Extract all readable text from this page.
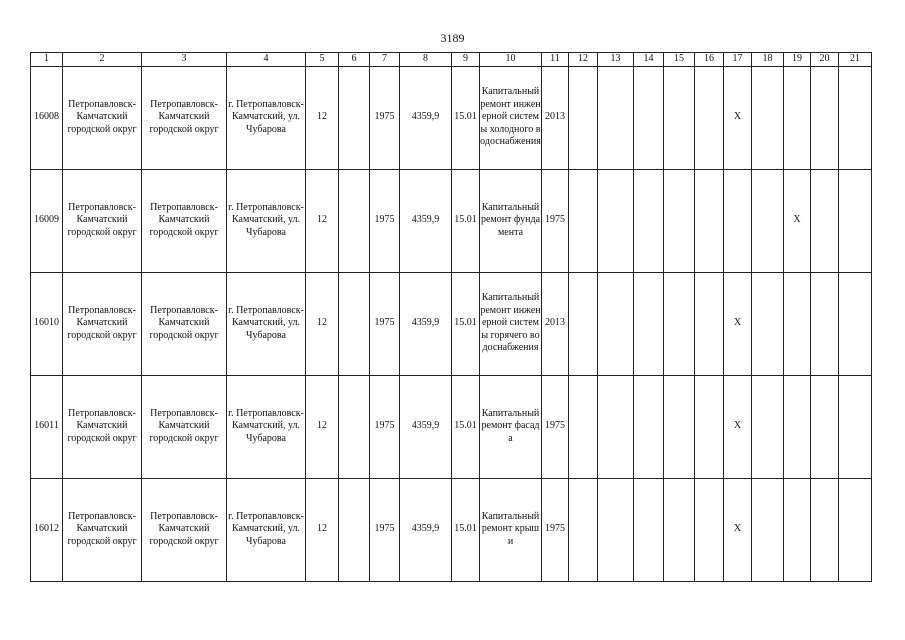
3189
1	2	3	4	5	6	7	8	9	10	11	12	13	14	15	16	17	18	19	20	21
16008	Петропавловск-Камчатский городской округ	Петропавловск-Камчатский городской округ	г. Петропавловск-Камчатский, ул. Чубарова	12		1975	4359,9	15.01	Капитальный ремонт инженерной системы холодного водоснабжения	2013						X				
16009	Петропавловск-Камчатский городской округ	Петропавловск-Камчатский городской округ	г. Петропавловск-Камчатский, ул. Чубарова	12		1975	4359,9	15.01	Капитальный ремонт фундамента	1975								X		
16010	Петропавловск-Камчатский городской округ	Петропавловск-Камчатский городской округ	г. Петропавловск-Камчатский, ул. Чубарова	12		1975	4359,9	15.01	Капитальный ремонт инженерной системы горячего водоснабжения	2013						X				
16011	Петропавловск-Камчатский городской округ	Петропавловск-Камчатский городской округ	г. Петропавловск-Камчатский, ул. Чубарова	12		1975	4359,9	15.01	Капитальный ремонт фасада	1975						X				
16012	Петропавловск-Камчатский городской округ	Петропавловск-Камчатский городской округ	г. Петропавловск-Камчатский, ул. Чубарова	12		1975	4359,9	15.01	Капитальный ремонт крыши	1975						X				
